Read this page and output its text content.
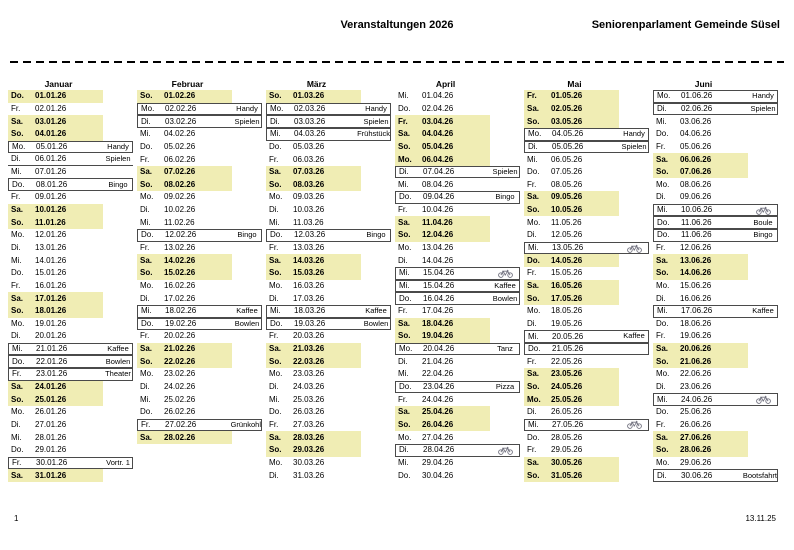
Veranstaltungen 2026	Seniorenparlament Gemeinde Süsel
Januar
Do.	01.01.26
Fr.	02.01.26
Sa.	03.01.26
So.	04.01.26
Mo.	05.01.26	Handy
Di.	06.01.26	Spielen
Mi.	07.01.26
Do.	08.01.26	Bingo
Fr.	09.01.26
Sa.	10.01.26
So.	11.01.26
Mo.	12.01.26
Di.	13.01.26
Mi.	14.01.26
Do.	15.01.26
Fr.	16.01.26
Sa.	17.01.26
So.	18.01.26
Mo.	19.01.26
Di.	20.01.26
Mi.	21.01.26	Kaffee
Do.	22.01.26	Bowlen
Fr.	23.01.26	Theater
Sa.	24.01.26
So.	25.01.26
Mo.	26.01.26
Di.	27.01.26
Mi.	28.01.26
Do.	29.01.26
Fr.	30.01.26	Vortr. 1
Sa.	31.01.26
Februar
So.	01.02.26
Mo.	02.02.26	Handy
Di.	03.02.26	Spielen
Mi.	04.02.26
Do.	05.02.26
Fr.	06.02.26
Sa.	07.02.26
So.	08.02.26
Mo.	09.02.26
Di.	10.02.26
Mi.	11.02.26
Do.	12.02.26	Bingo
Fr.	13.02.26
Sa.	14.02.26
So.	15.02.26
Mo.	16.02.26
Di.	17.02.26
Mi.	18.02.26	Kaffee
Do.	19.02.26	Bowlen
Fr.	20.02.26
Sa.	21.02.26
So.	22.02.26
Mo.	23.02.26
Di.	24.02.26
Mi.	25.02.26
Do.	26.02.26
Fr.	27.02.26	Grünkohl
Sa.	28.02.26
März
So.	01.03.26
Mo.	02.03.26	Handy
Di.	03.03.26	Spielen
Mi.	04.03.26	Frühstück
Do.	05.03.26
Fr.	06.03.26
Sa.	07.03.26
So.	08.03.26
Mo.	09.03.26
Di.	10.03.26
Mi.	11.03.26
Do.	12.03.26	Bingo
Fr.	13.03.26
Sa.	14.03.26
So.	15.03.26
Mo.	16.03.26
Di.	17.03.26
Mi.	18.03.26	Kaffee
Do.	19.03.26	Bowlen
Fr.	20.03.26
Sa.	21.03.26
So.	22.03.26
Mo.	23.03.26
Di.	24.03.26
Mi.	25.03.26
Do.	26.03.26
Fr.	27.03.26
Sa.	28.03.26
So.	29.03.26
Mo.	30.03.26
Di.	31.03.26
April
Mi.	01.04.26
Do.	02.04.26
Fr.	03.04.26
Sa.	04.04.26
So.	05.04.26
Mo.	06.04.26
Di.	07.04.26	Spielen
Mi.	08.04.26
Do.	09.04.26	Bingo
Fr.	10.04.26
Sa.	11.04.26
So.	12.04.26
Mo.	13.04.26
Di.	14.04.26
Mi.	15.04.26
Mi.	15.04.26	Kaffee
Do.	16.04.26	Bowlen
Fr.	17.04.26
Sa.	18.04.26
So.	19.04.26
Mo.	20.04.26	Tanz
Di.	21.04.26
Mi.	22.04.26
Do.	23.04.26	Pizza
Fr.	24.04.26
Sa.	25.04.26
So.	26.04.26
Mo.	27.04.26
Di.	28.04.26
Mi.	29.04.26
Do.	30.04.26
Mai
Fr.	01.05.26
Sa.	02.05.26
So.	03.05.26
Mo.	04.05.26	Handy
Di.	05.05.26	Spielen
Mi.	06.05.26
Do.	07.05.26
Fr.	08.05.26
Sa.	09.05.26
So.	10.05.26
Mo.	11.05.26
Di.	12.05.26
Mi.	13.05.26
Do.	14.05.26
Fr.	15.05.26
Sa.	16.05.26
So.	17.05.26
Mo.	18.05.26
Di.	19.05.26
Mi.	20.05.26	Kaffee
Do.	21.05.26
Fr.	22.05.26
Sa.	23.05.26
So.	24.05.26
Mo.	25.05.26
Di.	26.05.26
Mi.	27.05.26
Do.	28.05.26
Fr.	29.05.26
Sa.	30.05.26
So.	31.05.26
Juni
Mo.	01.06.26	Handy
Di.	02.06.26	Spielen
Mi.	03.06.26
Do.	04.06.26
Fr.	05.06.26
Sa.	06.06.26
So.	07.06.26
Mo.	08.06.26
Di.	09.06.26
Mi.	10.06.26
Do.	11.06.26	Boule
Do.	11.06.26	Bingo
Fr.	12.06.26
Sa.	13.06.26
So.	14.06.26
Mo.	15.06.26
Di.	16.06.26
Mi.	17.06.26	Kaffee
Do.	18.06.26
Fr.	19.06.26
Sa.	20.06.26
So.	21.06.26
Mo.	22.06.26
Di.	23.06.26
Mi.	24.06.26
Do.	25.06.26
Fr.	26.06.26
Sa.	27.06.26
So.	28.06.26
Mo.	29.06.26
Di.	30.06.26	Bootsfahrt
1	13.11.25
